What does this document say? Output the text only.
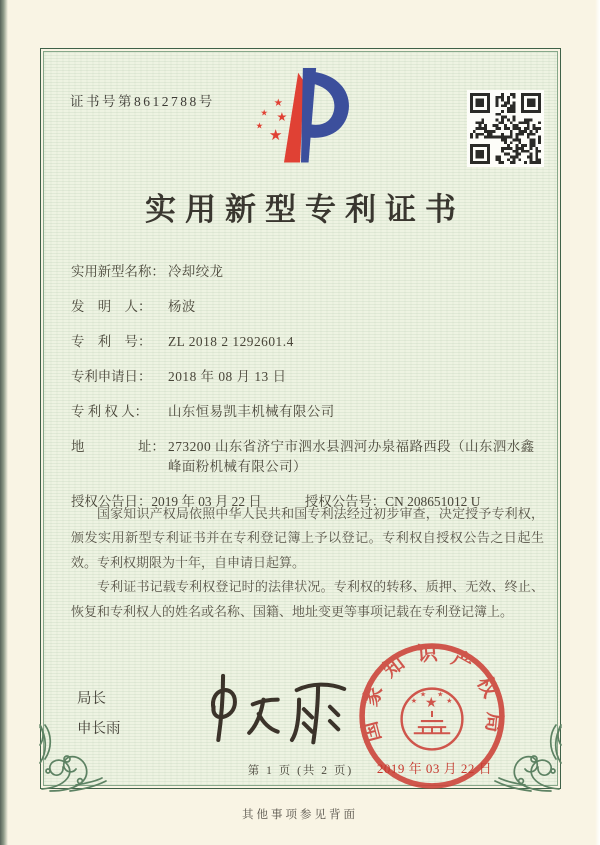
证书号第8612788号	★
★ ★
★ ★
实用新型专利证书
实用新型名称： 冷却绞龙
发　明　人：	杨波
专　利　号：	ZL 2018 2 1292601.4
专利申请日：	2018 年 08 月 13 日
专 利 权 人：	山东恒易凯丰机械有限公司
地　　　　址： 273200 山东省济宁市泗水县泗河办泉福路西段（山东泗水鑫峰面粉机械有限公司）
授权公告日：2019 年 03 月 22 日	授权公告号：CN 208651012 U

国家知识产权局依照中华人民共和国专利法经过初步审查，决定授予专利权，颁发实用新型专利证书并在专利登记簿上予以登记。专利权自授权公告之日起生效。专利权期限为十年，自申请日起算。

专利证书记载专利权登记时的法律状况。专利权的转移、质押、无效、终止、恢复和专利权人的姓名或名称、国籍、地址变更等事项记载在专利登记簿上。

局长
申长雨	国家知识产权局
★
★
★ ★
★
2019 年 03 月 22 日
第 1 页 (共 2 页)
其他事项参见背面
